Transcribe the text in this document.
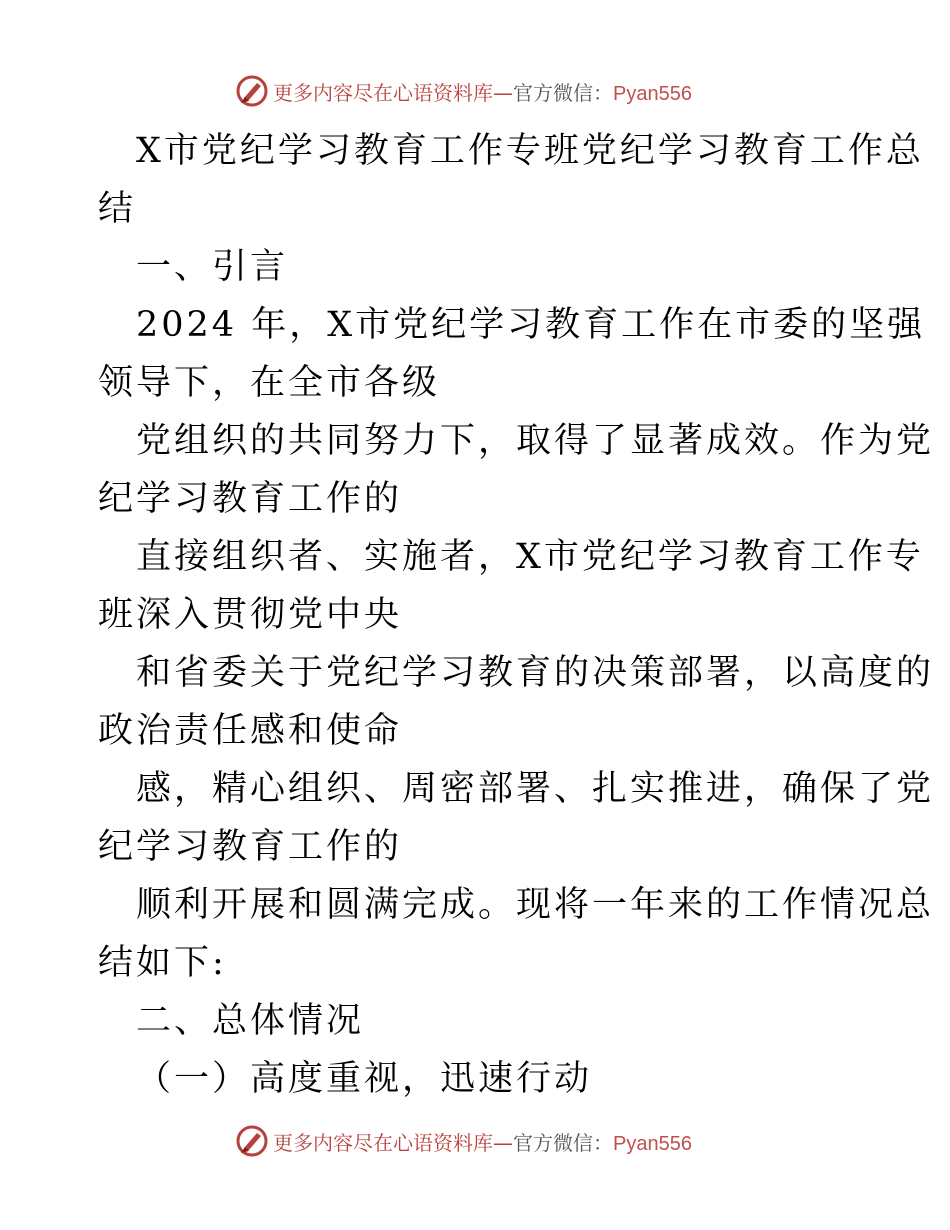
更多内容尽在心语资料库—官方微信：Pyan556
X市党纪学习教育工作专班党纪学习教育工作总
结
一、引言
2024 年，X市党纪学习教育工作在市委的坚强
领导下，在全市各级
党组织的共同努力下，取得了显著成效。作为党
纪学习教育工作的
直接组织者、实施者，X市党纪学习教育工作专
班深入贯彻党中央
和省委关于党纪学习教育的决策部署，以高度的
政治责任感和使命
感，精心组织、周密部署、扎实推进，确保了党
纪学习教育工作的
顺利开展和圆满完成。现将一年来的工作情况总
结如下:
二、总体情况
（一）高度重视，迅速行动
更多内容尽在心语资料库—官方微信：Pyan556
